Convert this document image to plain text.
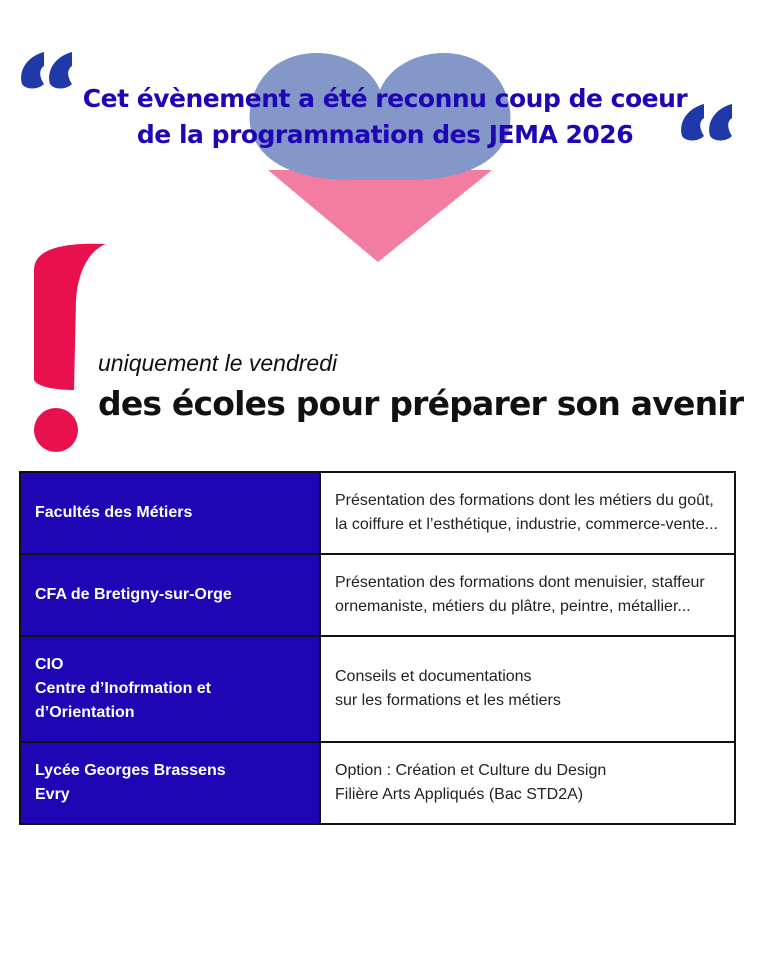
Cet évènement a été reconnu coup de coeur
de la programmation des JEMA 2026
uniquement le vendredi
des écoles pour préparer son avenir
Facultés des Métiers	Présentation des formations dont les métiers du goût,
la coiffure et l’esthétique, industrie, commerce-vente...

CFA de Bretigny-sur-Orge	Présentation des formations dont menuisier, staffeur
ornemaniste, métiers du plâtre, peintre, métallier...

CIO
Centre d’Inofrmation et
d’Orientation	Conseils et documentations
sur les formations et les métiers

Lycée Georges Brassens
Evry	Option : Création et Culture du Design
Filière Arts Appliqués (Bac STD2A)
